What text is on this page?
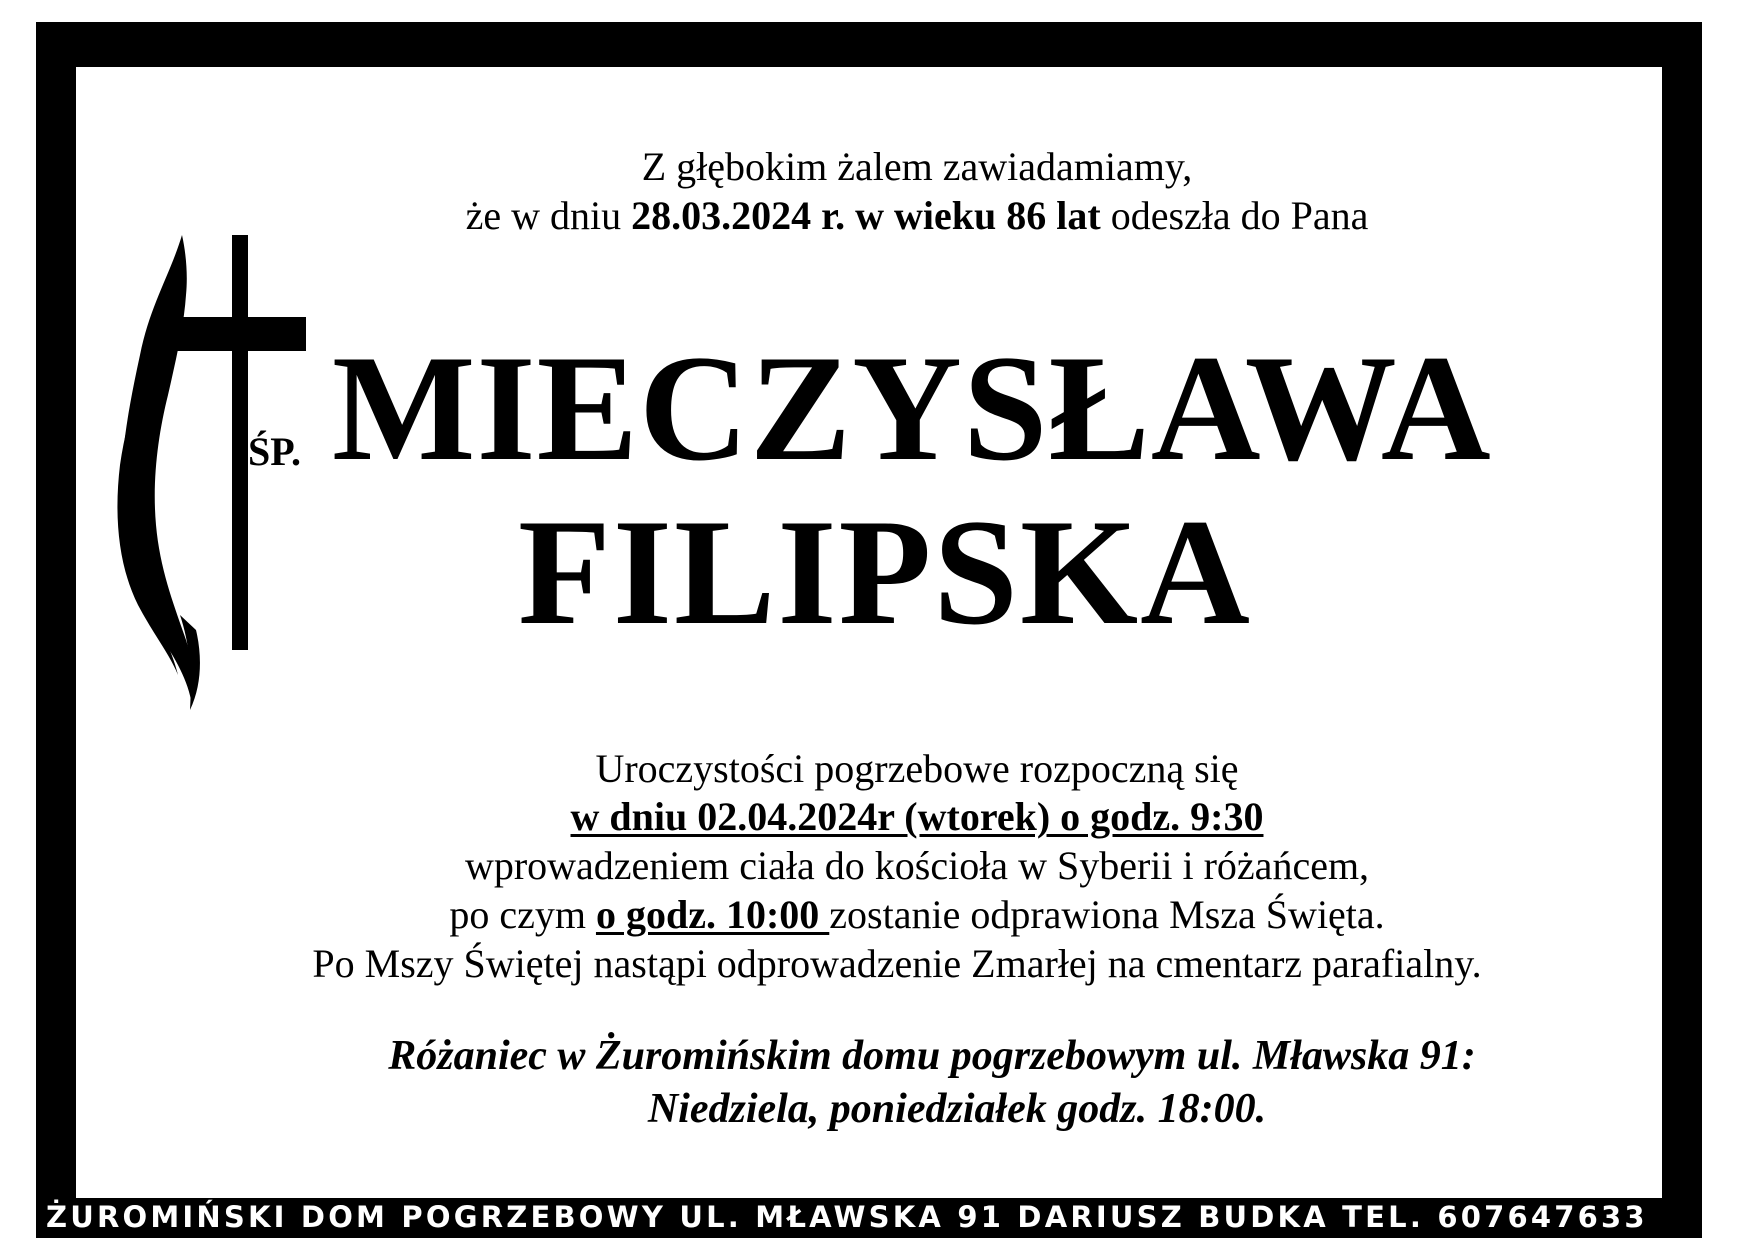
Z głębokim żalem zawiadamiamy,
że w dniu 28.03.2024 r. w wieku 86 lat odeszła do Pana
ŚP. MIECZYSŁAWA
FILIPSKA
Uroczystości pogrzebowe rozpoczną się
w dniu 02.04.2024r (wtorek) o godz. 9:30
wprowadzeniem ciała do kościoła w Syberii i różańcem,
po czym o godz. 10:00 zostanie odprawiona Msza Święta.
Po Mszy Świętej nastąpi odprowadzenie Zmarłej na cmentarz parafialny.
Różaniec w Żuromińskim domu pogrzebowym ul. Mławska 91:
Niedziela, poniedziałek godz. 18:00.
ŻUROMIŃSKI DOM POGRZEBOWY UL. MŁAWSKA 91 DARIUSZ BUDKA TEL. 607647633
